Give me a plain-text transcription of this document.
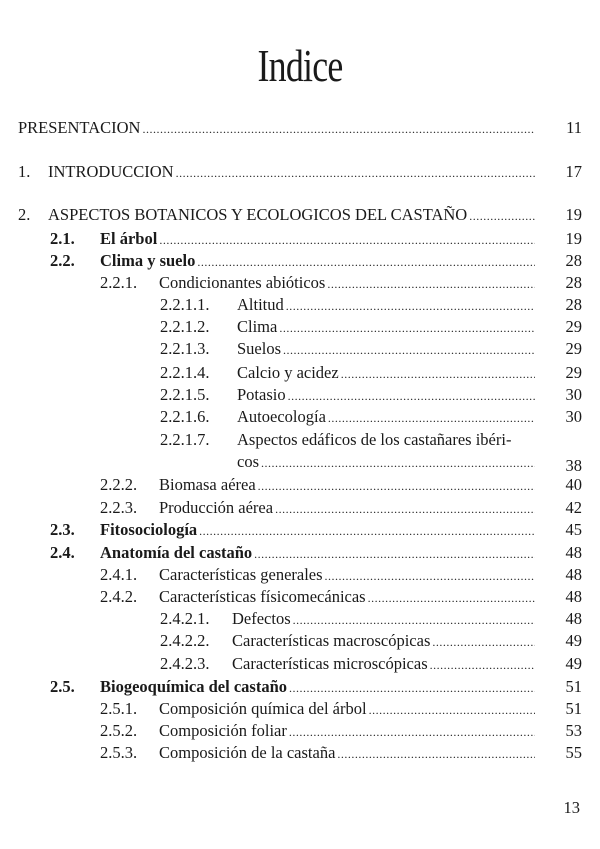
Indice
PRESENTACION .....	11
1. INTRODUCCION .....	17
2. ASPECTOS BOTANICOS Y ECOLOGICOS DEL CASTAÑO .....	19
2.1. El árbol .....	19
2.2. Clima y suelo .....	28
2.2.1. Condicionantes abióticos .....	28
2.2.1.1. Altitud .....	28
2.2.1.2. Clima .....	29
2.2.1.3. Suelos .....	29
2.2.1.4. Calcio y acidez .....	29
2.2.1.5. Potasio .....	30
2.2.1.6. Autoecología .....	30
2.2.1.7. Aspectos edáficos de los castañares ibéri-
cos .....	38
2.2.2. Biomasa aérea .....	40
2.2.3. Producción aérea .....	42
2.3. Fitosociología .....	45
2.4. Anatomía del castaño .....	48
2.4.1. Características generales .....	48
2.4.2. Características físicomecánicas .....	48
2.4.2.1. Defectos .....	48
2.4.2.2. Características macroscópicas .....	49
2.4.2.3. Características microscópicas .....	49
2.5. Biogeoquímica del castaño .....	51
2.5.1. Composición química del árbol .....	51
2.5.2. Composición foliar .....	53
2.5.3. Composición de la castaña .....	55
13
